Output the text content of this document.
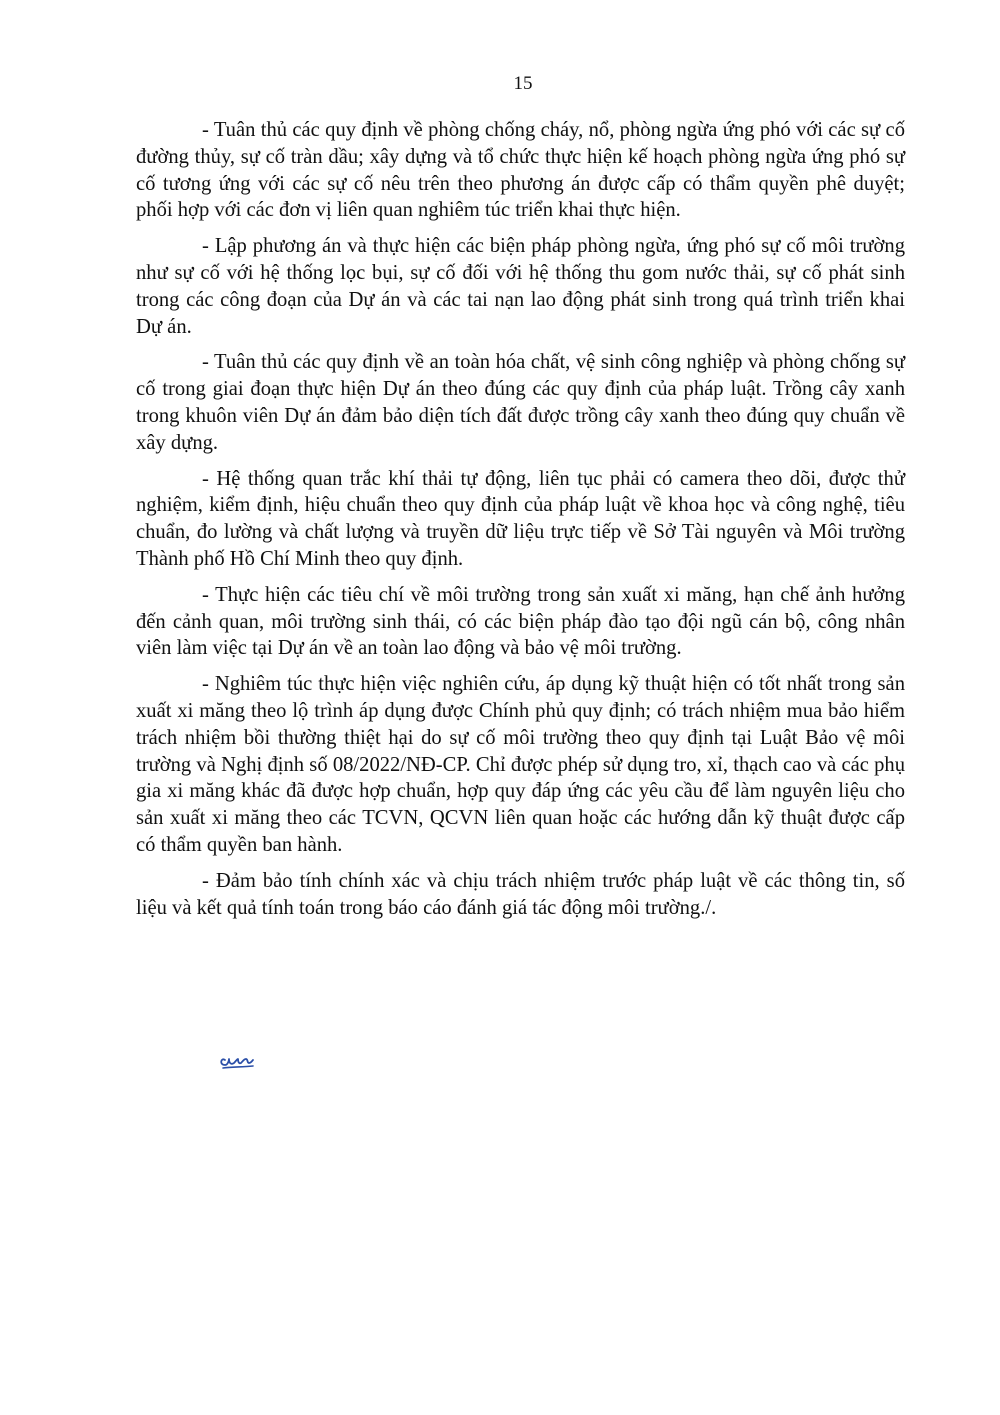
15

- Tuân thủ các quy định về phòng chống cháy, nổ, phòng ngừa ứng phó với các sự cố đường thủy, sự cố tràn dầu; xây dựng và tổ chức thực hiện kế hoạch phòng ngừa ứng phó sự cố tương ứng với các sự cố nêu trên theo phương án được cấp có thẩm quyền phê duyệt; phối hợp với các đơn vị liên quan nghiêm túc triển khai thực hiện.

- Lập phương án và thực hiện các biện pháp phòng ngừa, ứng phó sự cố môi trường như sự cố với hệ thống lọc bụi, sự cố đối với hệ thống thu gom nước thải, sự cố phát sinh trong các công đoạn của Dự án và các tai nạn lao động phát sinh trong quá trình triển khai Dự án.

- Tuân thủ các quy định về an toàn hóa chất, vệ sinh công nghiệp và phòng chống sự cố trong giai đoạn thực hiện Dự án theo đúng các quy định của pháp luật. Trồng cây xanh trong khuôn viên Dự án đảm bảo diện tích đất được trồng cây xanh theo đúng quy chuẩn về xây dựng.

- Hệ thống quan trắc khí thải tự động, liên tục phải có camera theo dõi, được thử nghiệm, kiểm định, hiệu chuẩn theo quy định của pháp luật về khoa học và công nghệ, tiêu chuẩn, đo lường và chất lượng và truyền dữ liệu trực tiếp về Sở Tài nguyên và Môi trường Thành phố Hồ Chí Minh theo quy định.

- Thực hiện các tiêu chí về môi trường trong sản xuất xi măng, hạn chế ảnh hưởng đến cảnh quan, môi trường sinh thái, có các biện pháp đào tạo đội ngũ cán bộ, công nhân viên làm việc tại Dự án về an toàn lao động và bảo vệ môi trường.

- Nghiêm túc thực hiện việc nghiên cứu, áp dụng kỹ thuật hiện có tốt nhất trong sản xuất xi măng theo lộ trình áp dụng được Chính phủ quy định; có trách nhiệm mua bảo hiểm trách nhiệm bồi thường thiệt hại do sự cố môi trường theo quy định tại Luật Bảo vệ môi trường và Nghị định số 08/2022/NĐ-CP. Chỉ được phép sử dụng tro, xỉ, thạch cao và các phụ gia xi măng khác đã được hợp chuẩn, hợp quy đáp ứng các yêu cầu để làm nguyên liệu cho sản xuất xi măng theo các TCVN, QCVN liên quan hoặc các hướng dẫn kỹ thuật được cấp có thẩm quyền ban hành.

- Đảm bảo tính chính xác và chịu trách nhiệm trước pháp luật về các thông tin, số liệu và kết quả tính toán trong báo cáo đánh giá tác động môi trường./.
